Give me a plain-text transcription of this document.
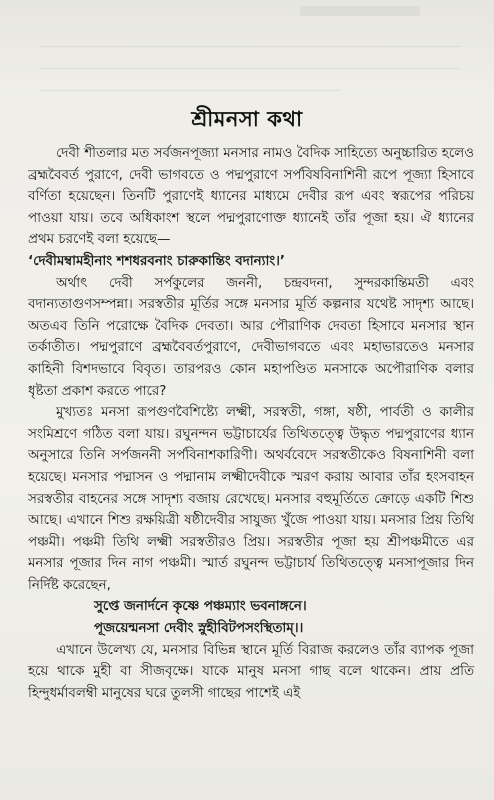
শ্রীমনসা কথা

দেবী শীতলার মত সর্বজনপূজ্যা মনসার নামও বৈদিক সাহিত্যে অনুচ্চারিত হলেও ব্রহ্মবৈবর্ত পুরাণে, দেবী ভাগবতে ও পদ্মপুরাণে সর্পবিষবিনাশিনী রূপে পূজ্যা হিসাবে বর্ণিতা হয়েছেন। তিনটি পুরাণেই ধ্যানের মাধ্যমে দেবীর রূপ এবং স্বরূপের পরিচয় পাওয়া যায়। তবে অধিকাংশ স্থলে পদ্মপুরাণোক্ত ধ্যানেই তাঁর পূজা হয়। ঐ ধ্যানের প্রথম চরণেই বলা হয়েছে—

‘দেবীমম্বামহীনাং শশধরবনাং চারুকান্তিং বদান্যাং।’

অর্থাৎ দেবী সর্পকুলের জননী, চন্দ্রবদনা, সুন্দরকান্তিমতী এবং বদান্যতাগুণসম্পন্না। সরস্বতীর মূর্তির সঙ্গে মনসার মূর্তি কল্পনার যথেষ্ট সাদৃশ্য আছে। অতএব তিনি পরোক্ষে বৈদিক দেবতা। আর পৌরাণিক দেবতা হিসাবে মনসার স্থান তর্কাতীত। পদ্মপুরাণে ব্রহ্মবৈবর্তপুরাণে, দেবীভাগবতে এবং মহাভারতেও মনসার কাহিনী বিশদভাবে বিবৃত। তারপরও কোন মহাপণ্ডিত মনসাকে অপৌরাণিক বলার ধৃষ্টতা প্রকাশ করতে পারে?

মুখ্যতঃ মনসা রূপগুণবৈশিষ্ট্যে লক্ষ্মী, সরস্বতী, গঙ্গা, ষষ্ঠী, পার্বতী ও কালীর সংমিশ্রণে গঠিত বলা যায়। রঘুনন্দন ভট্টাচার্যের তিথিতত্ত্বে উদ্ধৃত পদ্মপুরাণের ধ্যান অনুসারে তিনি সর্পজননী সর্পবিনাশকারিণী। অথর্ববেদে সরস্বতীকেও বিষনাশিনী বলা হয়েছে। মনসার পদ্মাসন ও পদ্মানাম লক্ষ্মীদেবীকে স্মরণ করায় আবার তাঁর হংসবাহন সরস্বতীর বাহনের সঙ্গে সাদৃশ্য বজায় রেখেছে। মনসার বহুমূর্তিতে ক্রোড়ে একটি শিশু আছে। এখানে শিশু রক্ষয়িত্রী ষষ্ঠীদেবীর সাযুজ্য খুঁজে পাওয়া যায়। মনসার প্রিয় তিথি পঞ্চমী। পঞ্চমী তিথি লক্ষ্মী সরস্বতীরও প্রিয়। সরস্বতীর পূজা হয় শ্রীপঞ্চমীতে এর মনসার পূজার দিন নাগ পঞ্চমী। স্মার্ত রঘুনন্দ ভট্টাচার্য তিথিতত্ত্বে মনসাপূজার দিন নির্দিষ্ট করেছেন,

সুপ্তে জনার্দনে কৃষ্ণে পঞ্চম্যাং ভবনাঙ্গনে।

পূজয়েন্মনসা দেবীং স্নুহীবিটপসংস্থিতাম্।।

এখানে উলেখ্য যে, মনসার বিভিন্ন স্থানে মূর্তি বিরাজ করলেও তাঁর ব্যাপক পূজা হয়ে থাকে মুহী বা সীজবৃক্ষে। যাকে মানুষ মনসা গাছ বলে থাকেন। প্রায় প্রতি হিন্দুধর্মাবলম্বী মানুষের ঘরে তুলসী গাছের পাশেই এই
